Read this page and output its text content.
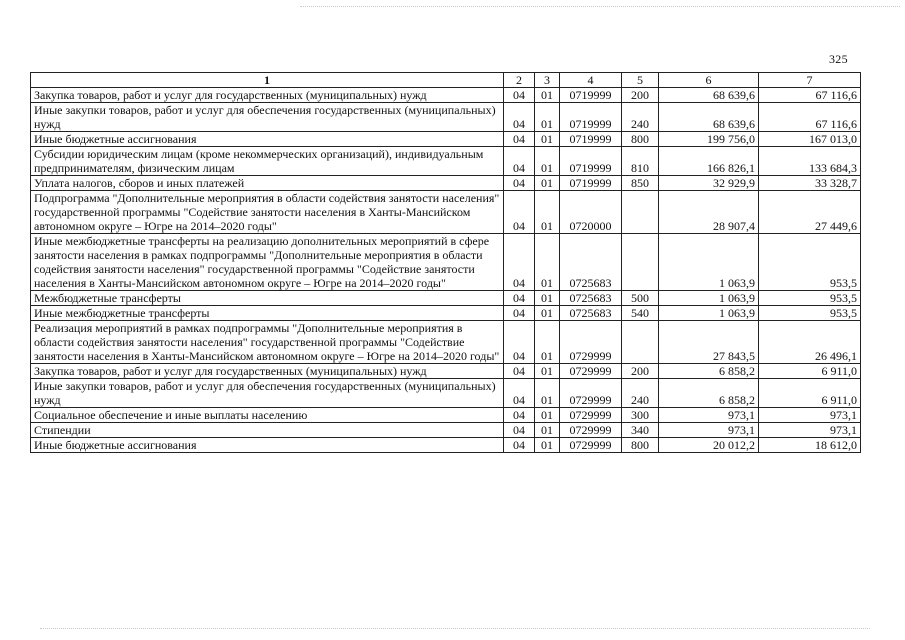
325
1	2	3	4	5	6	7
Закупка товаров, работ и услуг для государственных (муниципальных) нужд	04	01	0719999	200	68 639,6	67 116,6
Иные закупки товаров, работ и услуг для обеспечения государственных (муниципальных) нужд	04	01	0719999	240	68 639,6	67 116,6
Иные бюджетные ассигнования	04	01	0719999	800	199 756,0	167 013,0
Субсидии юридическим лицам (кроме некоммерческих организаций), индивидуальным предпринимателям, физическим лицам	04	01	0719999	810	166 826,1	133 684,3
Уплата налогов, сборов и иных платежей	04	01	0719999	850	32 929,9	33 328,7
Подпрограмма "Дополнительные мероприятия в области содействия занятости населения" государственной программы "Содействие занятости населения в Ханты-Мансийском автономном округе – Югре на 2014–2020 годы"	04	01	0720000		28 907,4	27 449,6
Иные межбюджетные трансферты на реализацию дополнительных мероприятий в сфере занятости населения в рамках подпрограммы "Дополнительные мероприятия в области содействия занятости населения" государственной программы "Содействие занятости населения в Ханты-Мансийском автономном округе – Югре на 2014–2020 годы"	04	01	0725683		1 063,9	953,5
Межбюджетные трансферты	04	01	0725683	500	1 063,9	953,5
Иные межбюджетные трансферты	04	01	0725683	540	1 063,9	953,5
Реализация мероприятий в рамках подпрограммы "Дополнительные мероприятия в области содействия занятости населения" государственной программы "Содействие занятости населения в Ханты-Мансийском автономном округе – Югре на 2014–2020 годы"	04	01	0729999		27 843,5	26 496,1
Закупка товаров, работ и услуг для государственных (муниципальных) нужд	04	01	0729999	200	6 858,2	6 911,0
Иные закупки товаров, работ и услуг для обеспечения государственных (муниципальных) нужд	04	01	0729999	240	6 858,2	6 911,0
Социальное обеспечение и иные выплаты населению	04	01	0729999	300	973,1	973,1
Стипендии	04	01	0729999	340	973,1	973,1
Иные бюджетные ассигнования	04	01	0729999	800	20 012,2	18 612,0
